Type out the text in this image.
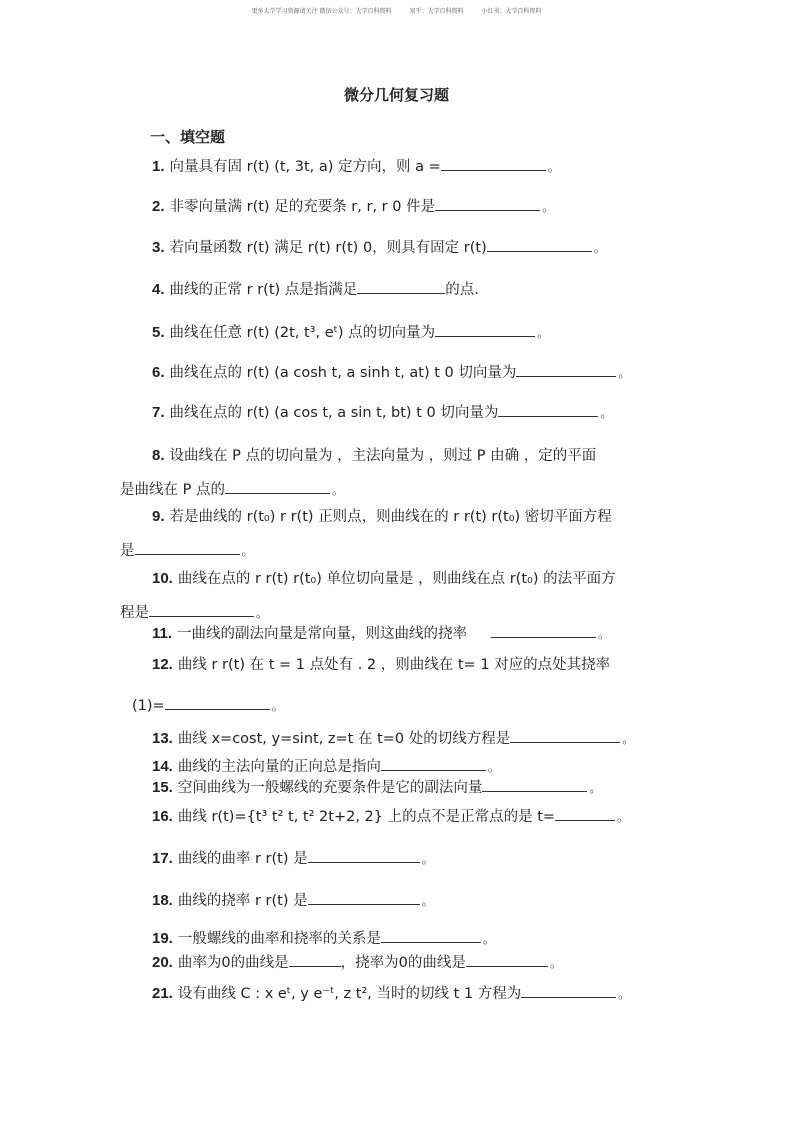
更多大学学习资源请关注 微信公众号：大学百科资料	知乎：大学百科资料	小红书：大学百科资料
微分几何复习题
一、填空题
1. 向量具有固 r(t) (t, 3t, a) 定方向，则 a =	。
2. 非零向量满 r(t) 足的充要条 r, r, r 0 件是	。
3. 若向量函数 r(t) 满足 r(t) r(t) 0，则具有固定 r(t)	。
4. 曲线的正常 r r(t) 点是指满足	的点.
5. 曲线在任意 r(t) (2t, t³, eᵗ) 点的切向量为	。
6. 曲线在点的 r(t) (a cosh t, a sinh t, at) t 0 切向量为	。
7. 曲线在点的 r(t) (a cos t, a sin t, bt) t 0 切向量为	。
8. 设曲线在 P 点的切向量为 ，主法向量为 ，则过 P 由确 ，定的平面
是曲线在 P 点的	。
9. 若是曲线的 r(t₀) r r(t) 正则点，则曲线在的 r r(t) r(t₀) 密切平面方程
是	。
10. 曲线在点的 r r(t) r(t₀) 单位切向量是 ，则曲线在点 r(t₀) 的法平面方
程是	。
11. 一曲线的副法向量是常向量，则这曲线的挠率	。
12. 曲线 r r(t) 在 t = 1 点处有 . 2 ，则曲线在 t= 1 对应的点处其挠率
(1)=	。
13. 曲线 x=cost, y=sint, z=t 在 t=0 处的切线方程是	。
14. 曲线的主法向量的正向总是指向	。
15. 空间曲线为一般螺线的充要条件是它的副法向量	。
16. 曲线 r(t)={t³ t² t, t² 2t+2, 2} 上的点不是正常点的是 t=	。
17. 曲线的曲率 r r(t) 是	。
18. 曲线的挠率 r r(t) 是	。
19. 一般螺线的曲率和挠率的关系是	。
20. 曲率为0的曲线是	，挠率为0的曲线是	。
21. 设有曲线 C : x eᵗ, y e⁻ᵗ, z t², 当时的切线 t 1 方程为	。
